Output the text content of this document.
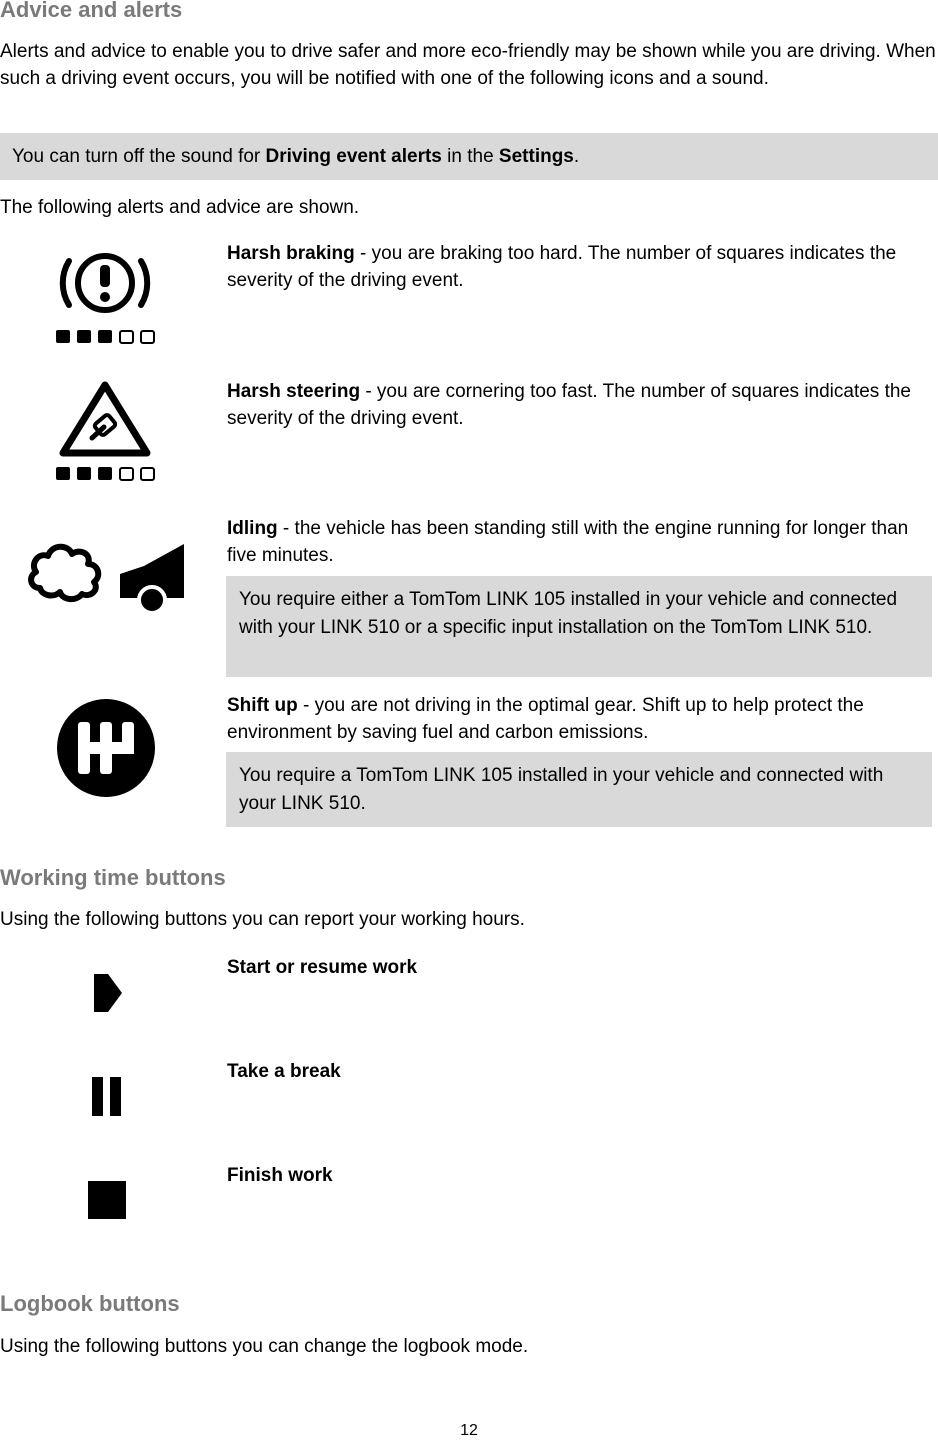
Advice and alerts

Alerts and advice to enable you to drive safer and more eco-friendly may be shown while you are driving. When such a driving event occurs, you will be notified with one of the following icons and a sound.

You can turn off the sound for Driving event alerts in the Settings.

The following alerts and advice are shown.

Harsh braking - you are braking too hard. The number of squares indicates the severity of the driving event.
Harsh steering - you are cornering too fast. The number of squares indicates the severity of the driving event.
Idling - the vehicle has been standing still with the engine running for longer than five minutes.
You require either a TomTom LINK 105 installed in your vehicle and connected with your LINK 510 or a specific input installation on the TomTom LINK 510.
Shift up - you are not driving in the optimal gear. Shift up to help protect the environment by saving fuel and carbon emissions.
You require a TomTom LINK 105 installed in your vehicle and connected with your LINK 510.
Working time buttons

Using the following buttons you can report your working hours.

Start or resume work
Take a break
Finish work
Logbook buttons

Using the following buttons you can change the logbook mode.

12
